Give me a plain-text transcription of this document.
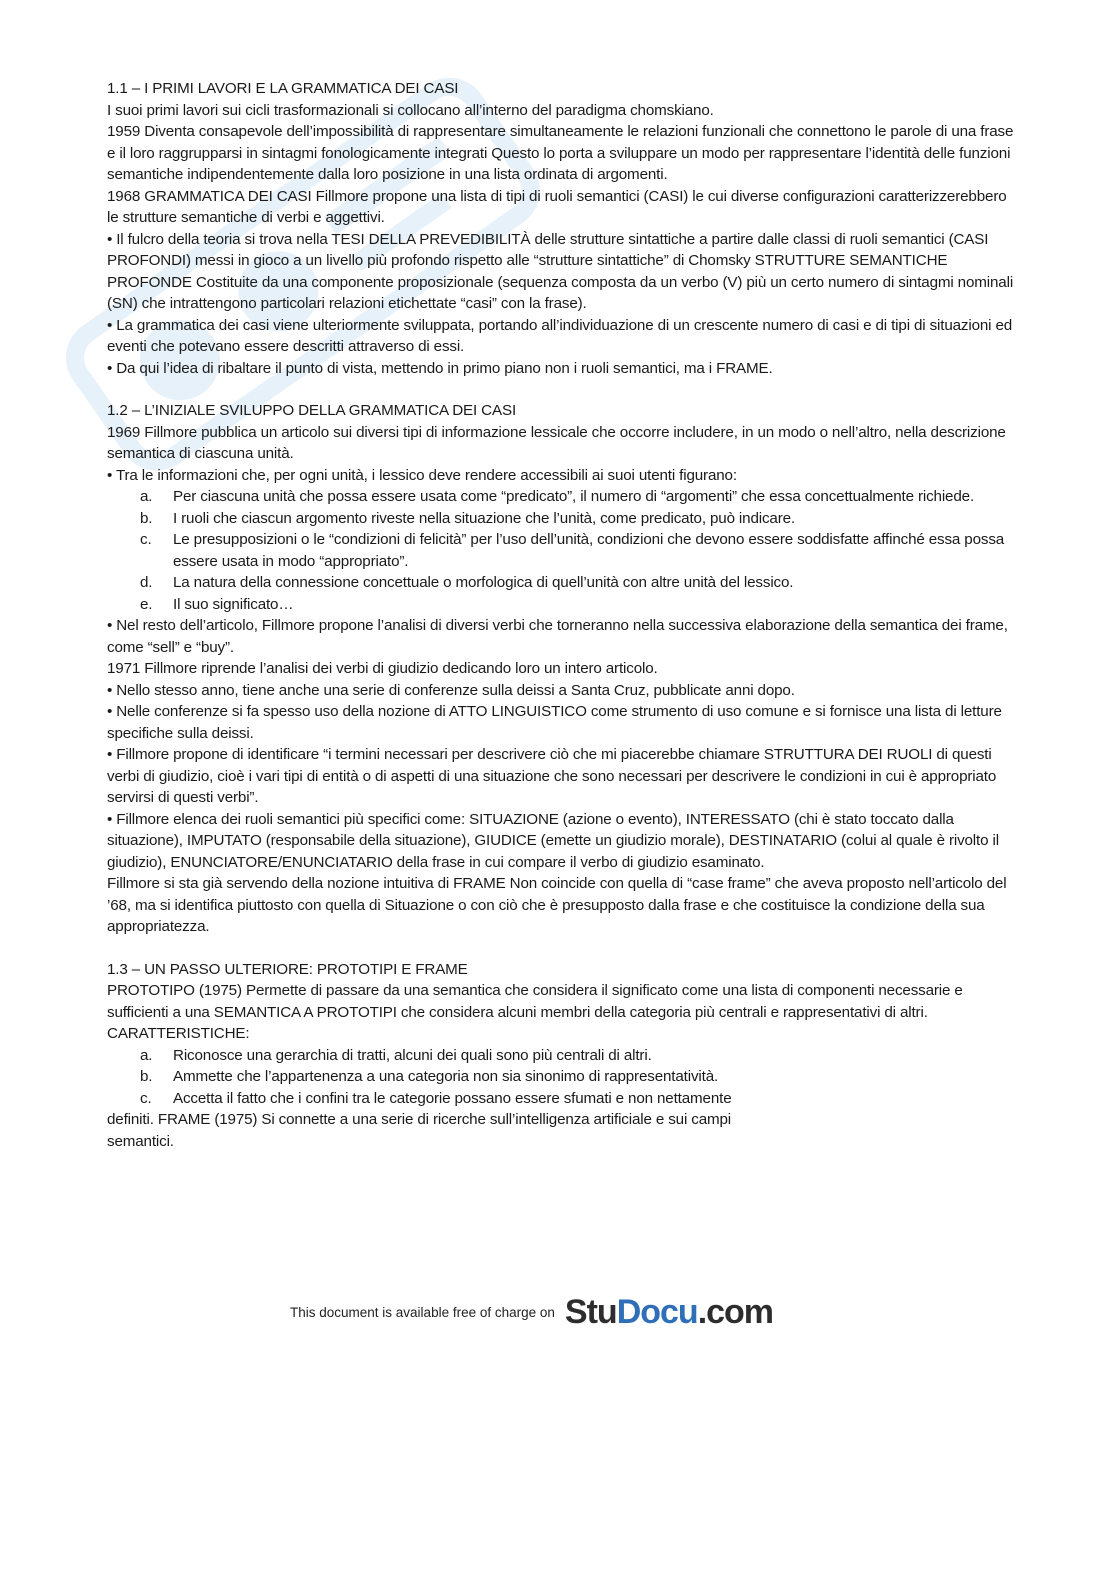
1.1 – I PRIMI LAVORI E LA GRAMMATICA DEI CASI

I suoi primi lavori sui cicli trasformazionali si collocano all’interno del paradigma chomskiano.

1959 Diventa consapevole dell’impossibilità di rappresentare simultaneamente le relazioni funzionali che connettono le parole di una frase e il loro raggrupparsi in sintagmi fonologicamente integrati Questo lo porta a sviluppare un modo per rappresentare l’identità delle funzioni semantiche indipendentemente dalla loro posizione in una lista ordinata di argomenti.

1968 GRAMMATICA DEI CASI Fillmore propone una lista di tipi di ruoli semantici (CASI) le cui diverse configurazioni caratterizzerebbero le strutture semantiche di verbi e aggettivi.

• Il fulcro della teoria si trova nella TESI DELLA PREVEDIBILITÀ delle strutture sintattiche a partire dalle classi di ruoli semantici (CASI PROFONDI) messi in gioco a un livello più profondo rispetto alle “strutture sintattiche” di Chomsky STRUTTURE SEMANTICHE PROFONDE Costituite da una componente proposizionale (sequenza composta da un verbo (V) più un certo numero di sintagmi nominali (SN) che intrattengono particolari relazioni etichettate “casi” con la frase).

• La grammatica dei casi viene ulteriormente sviluppata, portando all’individuazione di un crescente numero di casi e di tipi di situazioni ed eventi che potevano essere descritti attraverso di essi.

• Da qui l’idea di ribaltare il punto di vista, mettendo in primo piano non i ruoli semantici, ma i FRAME.

1.2 – L’INIZIALE SVILUPPO DELLA GRAMMATICA DEI CASI

1969 Fillmore pubblica un articolo sui diversi tipi di informazione lessicale che occorre includere, in un modo o nell’altro, nella descrizione semantica di ciascuna unità.

• Tra le informazioni che, per ogni unità, i lessico deve rendere accessibili ai suoi utenti figurano:

a. Per ciascuna unità che possa essere usata come “predicato”, il numero di “argomenti” che essa concettualmente richiede.
b. I ruoli che ciascun argomento riveste nella situazione che l’unità, come predicato, può indicare.
c. Le presupposizioni o le “condizioni di felicità” per l’uso dell’unità, condizioni che devono essere soddisfatte affinché essa possa essere usata in modo “appropriato”.
d. La natura della connessione concettuale o morfologica di quell’unità con altre unità del lessico.
e. Il suo significato…

• Nel resto dell’articolo, Fillmore propone l’analisi di diversi verbi che torneranno nella successiva elaborazione della semantica dei frame, come “sell” e “buy”.

1971 Fillmore riprende l’analisi dei verbi di giudizio dedicando loro un intero articolo.

• Nello stesso anno, tiene anche una serie di conferenze sulla deissi a Santa Cruz, pubblicate anni dopo.

• Nelle conferenze si fa spesso uso della nozione di ATTO LINGUISTICO come strumento di uso comune e si fornisce una lista di letture specifiche sulla deissi.

• Fillmore propone di identificare “i termini necessari per descrivere ciò che mi piacerebbe chiamare STRUTTURA DEI RUOLI di questi verbi di giudizio, cioè i vari tipi di entità o di aspetti di una situazione che sono necessari per descrivere le condizioni in cui è appropriato servirsi di questi verbi”.

• Fillmore elenca dei ruoli semantici più specifici come: SITUAZIONE (azione o evento), INTERESSATO (chi è stato toccato dalla situazione), IMPUTATO (responsabile della situazione), GIUDICE (emette un giudizio morale), DESTINATARIO (colui al quale è rivolto il giudizio), ENUNCIATORE/ENUNCIATARIO della frase in cui compare il verbo di giudizio esaminato.

Fillmore si sta già servendo della nozione intuitiva di FRAME Non coincide con quella di “case frame” che aveva proposto nell’articolo del ’68, ma si identifica piuttosto con quella di Situazione o con ciò che è presupposto dalla frase e che costituisce la condizione della sua appropriatezza.

1.3 – UN PASSO ULTERIORE: PROTOTIPI E FRAME

PROTOTIPO (1975) Permette di passare da una semantica che considera il significato come una lista di componenti necessarie e sufficienti a una SEMANTICA A PROTOTIPI che considera alcuni membri della categoria più centrali e rappresentativi di altri.

CARATTERISTICHE:

a. Riconosce una gerarchia di tratti, alcuni dei quali sono più centrali di altri.
b. Ammette che l’appartenenza a una categoria non sia sinonimo di rappresentatività.
c. Accetta il fatto che i confini tra le categorie possano essere sfumati e non nettamente

definiti. FRAME (1975) Si connette a una serie di ricerche sull’intelligenza artificiale e sui campi semantici.

This document is available free of charge on StuDocu.com
